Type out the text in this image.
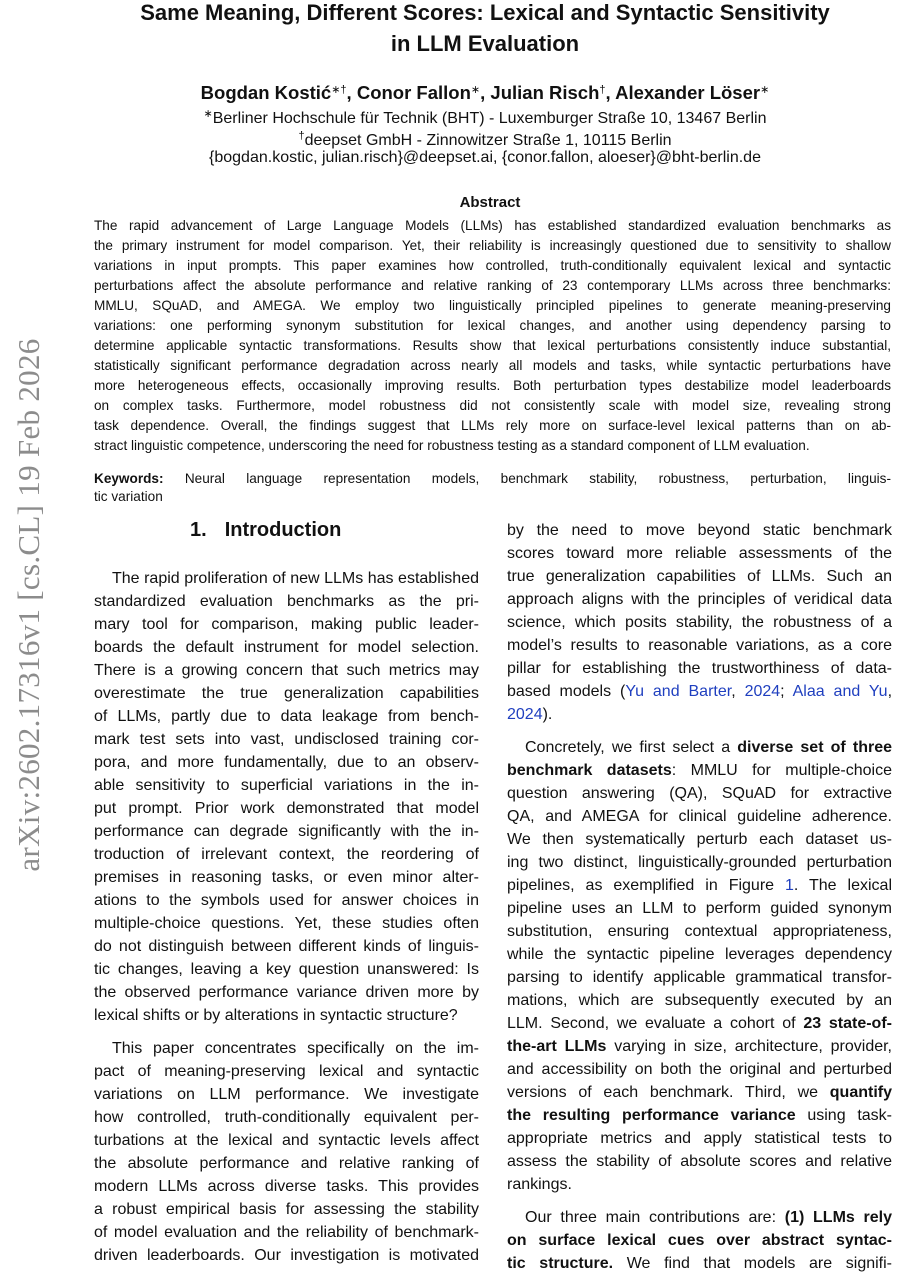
arXiv:2602.17316v1 [cs.CL] 19 Feb 2026
Same Meaning, Different Scores: Lexical and Syntactic Sensitivity
in LLM Evaluation
Bogdan Kostić∗†, Conor Fallon∗, Julian Risch†, Alexander Löser∗
∗Berliner Hochschule für Technik (BHT) - Luxemburger Straße 10, 13467 Berlin
†deepset GmbH - Zinnowitzer Straße 1, 10115 Berlin
{bogdan.kostic, julian.risch}@deepset.ai, {conor.fallon, aloeser}@bht-berlin.de
Abstract
The rapid advancement of Large Language Models (LLMs) has established standardized evaluation benchmarks as
the primary instrument for model comparison. Yet, their reliability is increasingly questioned due to sensitivity to shallow
variations in input prompts. This paper examines how controlled, truth-conditionally equivalent lexical and syntactic
perturbations affect the absolute performance and relative ranking of 23 contemporary LLMs across three benchmarks:
MMLU, SQuAD, and AMEGA. We employ two linguistically principled pipelines to generate meaning-preserving
variations: one performing synonym substitution for lexical changes, and another using dependency parsing to
determine applicable syntactic transformations. Results show that lexical perturbations consistently induce substantial,
statistically significant performance degradation across nearly all models and tasks, while syntactic perturbations have
more heterogeneous effects, occasionally improving results. Both perturbation types destabilize model leaderboards
on complex tasks. Furthermore, model robustness did not consistently scale with model size, revealing strong
task dependence. Overall, the findings suggest that LLMs rely more on surface-level lexical patterns than on ab-
stract linguistic competence, underscoring the need for robustness testing as a standard component of LLM evaluation.
Keywords: Neural language representation models, benchmark stability, robustness, perturbation, linguis-
tic variation
1. Introduction
The rapid proliferation of new LLMs has established
standardized evaluation benchmarks as the pri-
mary tool for comparison, making public leader-
boards the default instrument for model selection.
There is a growing concern that such metrics may
overestimate the true generalization capabilities
of LLMs, partly due to data leakage from bench-
mark test sets into vast, undisclosed training cor-
pora, and more fundamentally, due to an observ-
able sensitivity to superficial variations in the in-
put prompt. Prior work demonstrated that model
performance can degrade significantly with the in-
troduction of irrelevant context, the reordering of
premises in reasoning tasks, or even minor alter-
ations to the symbols used for answer choices in
multiple-choice questions. Yet, these studies often
do not distinguish between different kinds of linguis-
tic changes, leaving a key question unanswered: Is
the observed performance variance driven more by
lexical shifts or by alterations in syntactic structure?
This paper concentrates specifically on the im-
pact of meaning-preserving lexical and syntactic
variations on LLM performance. We investigate
how controlled, truth-conditionally equivalent per-
turbations at the lexical and syntactic levels affect
the absolute performance and relative ranking of
modern LLMs across diverse tasks. This provides
a robust empirical basis for assessing the stability
of model evaluation and the reliability of benchmark-
driven leaderboards. Our investigation is motivated
by the need to move beyond static benchmark
scores toward more reliable assessments of the
true generalization capabilities of LLMs. Such an
approach aligns with the principles of veridical data
science, which posits stability, the robustness of a
model’s results to reasonable variations, as a core
pillar for establishing the trustworthiness of data-
based models (Yu and Barter, 2024; Alaa and Yu,
2024).
Concretely, we first select a diverse set of three
benchmark datasets: MMLU for multiple-choice
question answering (QA), SQuAD for extractive
QA, and AMEGA for clinical guideline adherence.
We then systematically perturb each dataset us-
ing two distinct, linguistically-grounded perturbation
pipelines, as exemplified in Figure 1. The lexical
pipeline uses an LLM to perform guided synonym
substitution, ensuring contextual appropriateness,
while the syntactic pipeline leverages dependency
parsing to identify applicable grammatical transfor-
mations, which are subsequently executed by an
LLM. Second, we evaluate a cohort of 23 state-of-
the-art LLMs varying in size, architecture, provider,
and accessibility on both the original and perturbed
versions of each benchmark. Third, we quantify
the resulting performance variance using task-
appropriate metrics and apply statistical tests to
assess the stability of absolute scores and relative
rankings.
Our three main contributions are: (1) LLMs rely
on surface lexical cues over abstract syntac-
tic structure. We find that models are signifi-
